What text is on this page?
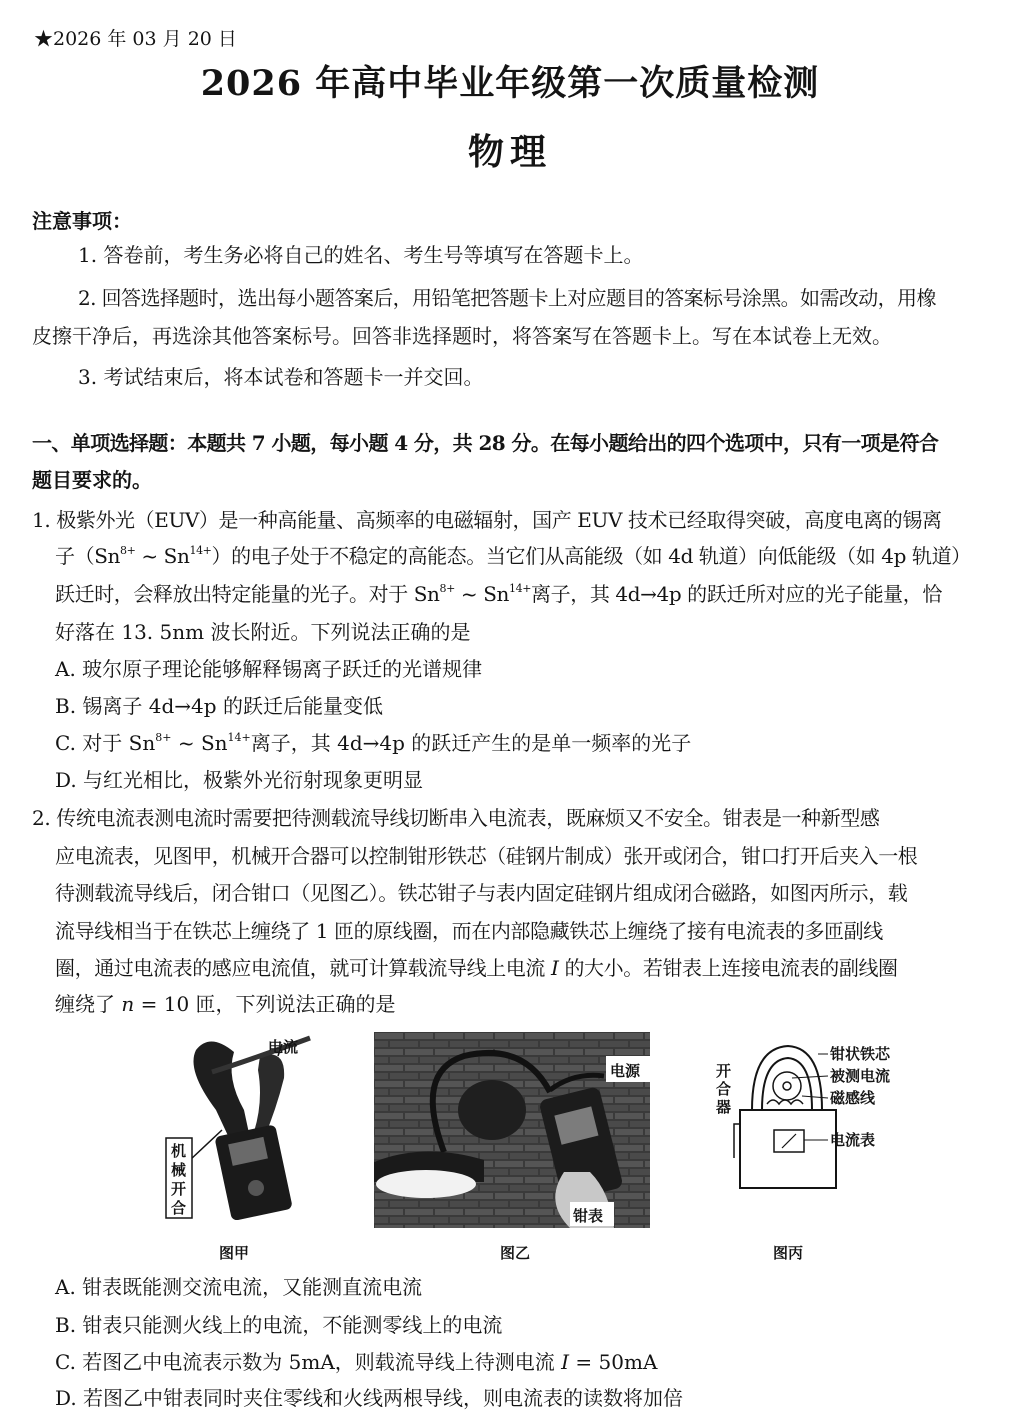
★2026 年 03 月 20 日
2026 年高中毕业年级第一次质量检测
物理
注意事项：
1. 答卷前，考生务必将自己的姓名、考生号等填写在答题卡上。
2. 回答选择题时，选出每小题答案后，用铅笔把答题卡上对应题目的答案标号涂黑。如需改动，用橡
皮擦干净后，再选涂其他答案标号。回答非选择题时，将答案写在答题卡上。写在本试卷上无效。
3. 考试结束后，将本试卷和答题卡一并交回。
一、单项选择题：本题共 7 小题，每小题 4 分，共 28 分。在每小题给出的四个选项中，只有一项是符合
题目要求的。
1. 极紫外光（EUV）是一种高能量、高频率的电磁辐射，国产 EUV 技术已经取得突破，高度电离的锡离
子（$Sn^{8+}$ ~ $Sn^{14+}$）的电子处于不稳定的高能态。当它们从高能级（如 4d 轨道）向低能级（如 4p 轨道）
跃迁时，会释放出特定能量的光子。对于 $Sn^{8+}$ ~ $Sn^{14+}$离子，其 4d→4p 的跃迁所对应的光子能量，恰
好落在 13. 5nm 波长附近。下列说法正确的是
A. 玻尔原子理论能够解释锡离子跃迁的光谱规律
B. 锡离子 4d→4p 的跃迁后能量变低
C. 对于 $Sn^{8+}$ ~ $Sn^{14+}$离子，其 4d→4p 的跃迁产生的是单一频率的光子
D. 与红光相比，极紫外光衍射现象更明显
2. 传统电流表测电流时需要把待测载流导线切断串入电流表，既麻烦又不安全。钳表是一种新型感
应电流表，见图甲，机械开合器可以控制钳形铁芯（硅钢片制成）张开或闭合，钳口打开后夹入一根
待测载流导线后，闭合钳口（见图乙）。铁芯钳子与表内固定硅钢片组成闭合磁路，如图丙所示，载
流导线相当于在铁芯上缠绕了 1 匝的原线圈，而在内部隐藏铁芯上缠绕了接有电流表的多匝副线
圈，通过电流表的感应电流值，就可计算载流导线上电流 I 的大小。若钳表上连接电流表的副线圈
缠绕了 n = 10 匝，下列说法正确的是
电流
机
械
开
合
图甲
电源
钳表
图乙
开
合
器
钳状铁芯
被测电流
磁感线
电流表
图丙
A. 钳表既能测交流电流，又能测直流电流
B. 钳表只能测火线上的电流，不能测零线上的电流
C. 若图乙中电流表示数为 5mA，则载流导线上待测电流 I = 50mA
D. 若图乙中钳表同时夹住零线和火线两根导线，则电流表的读数将加倍
